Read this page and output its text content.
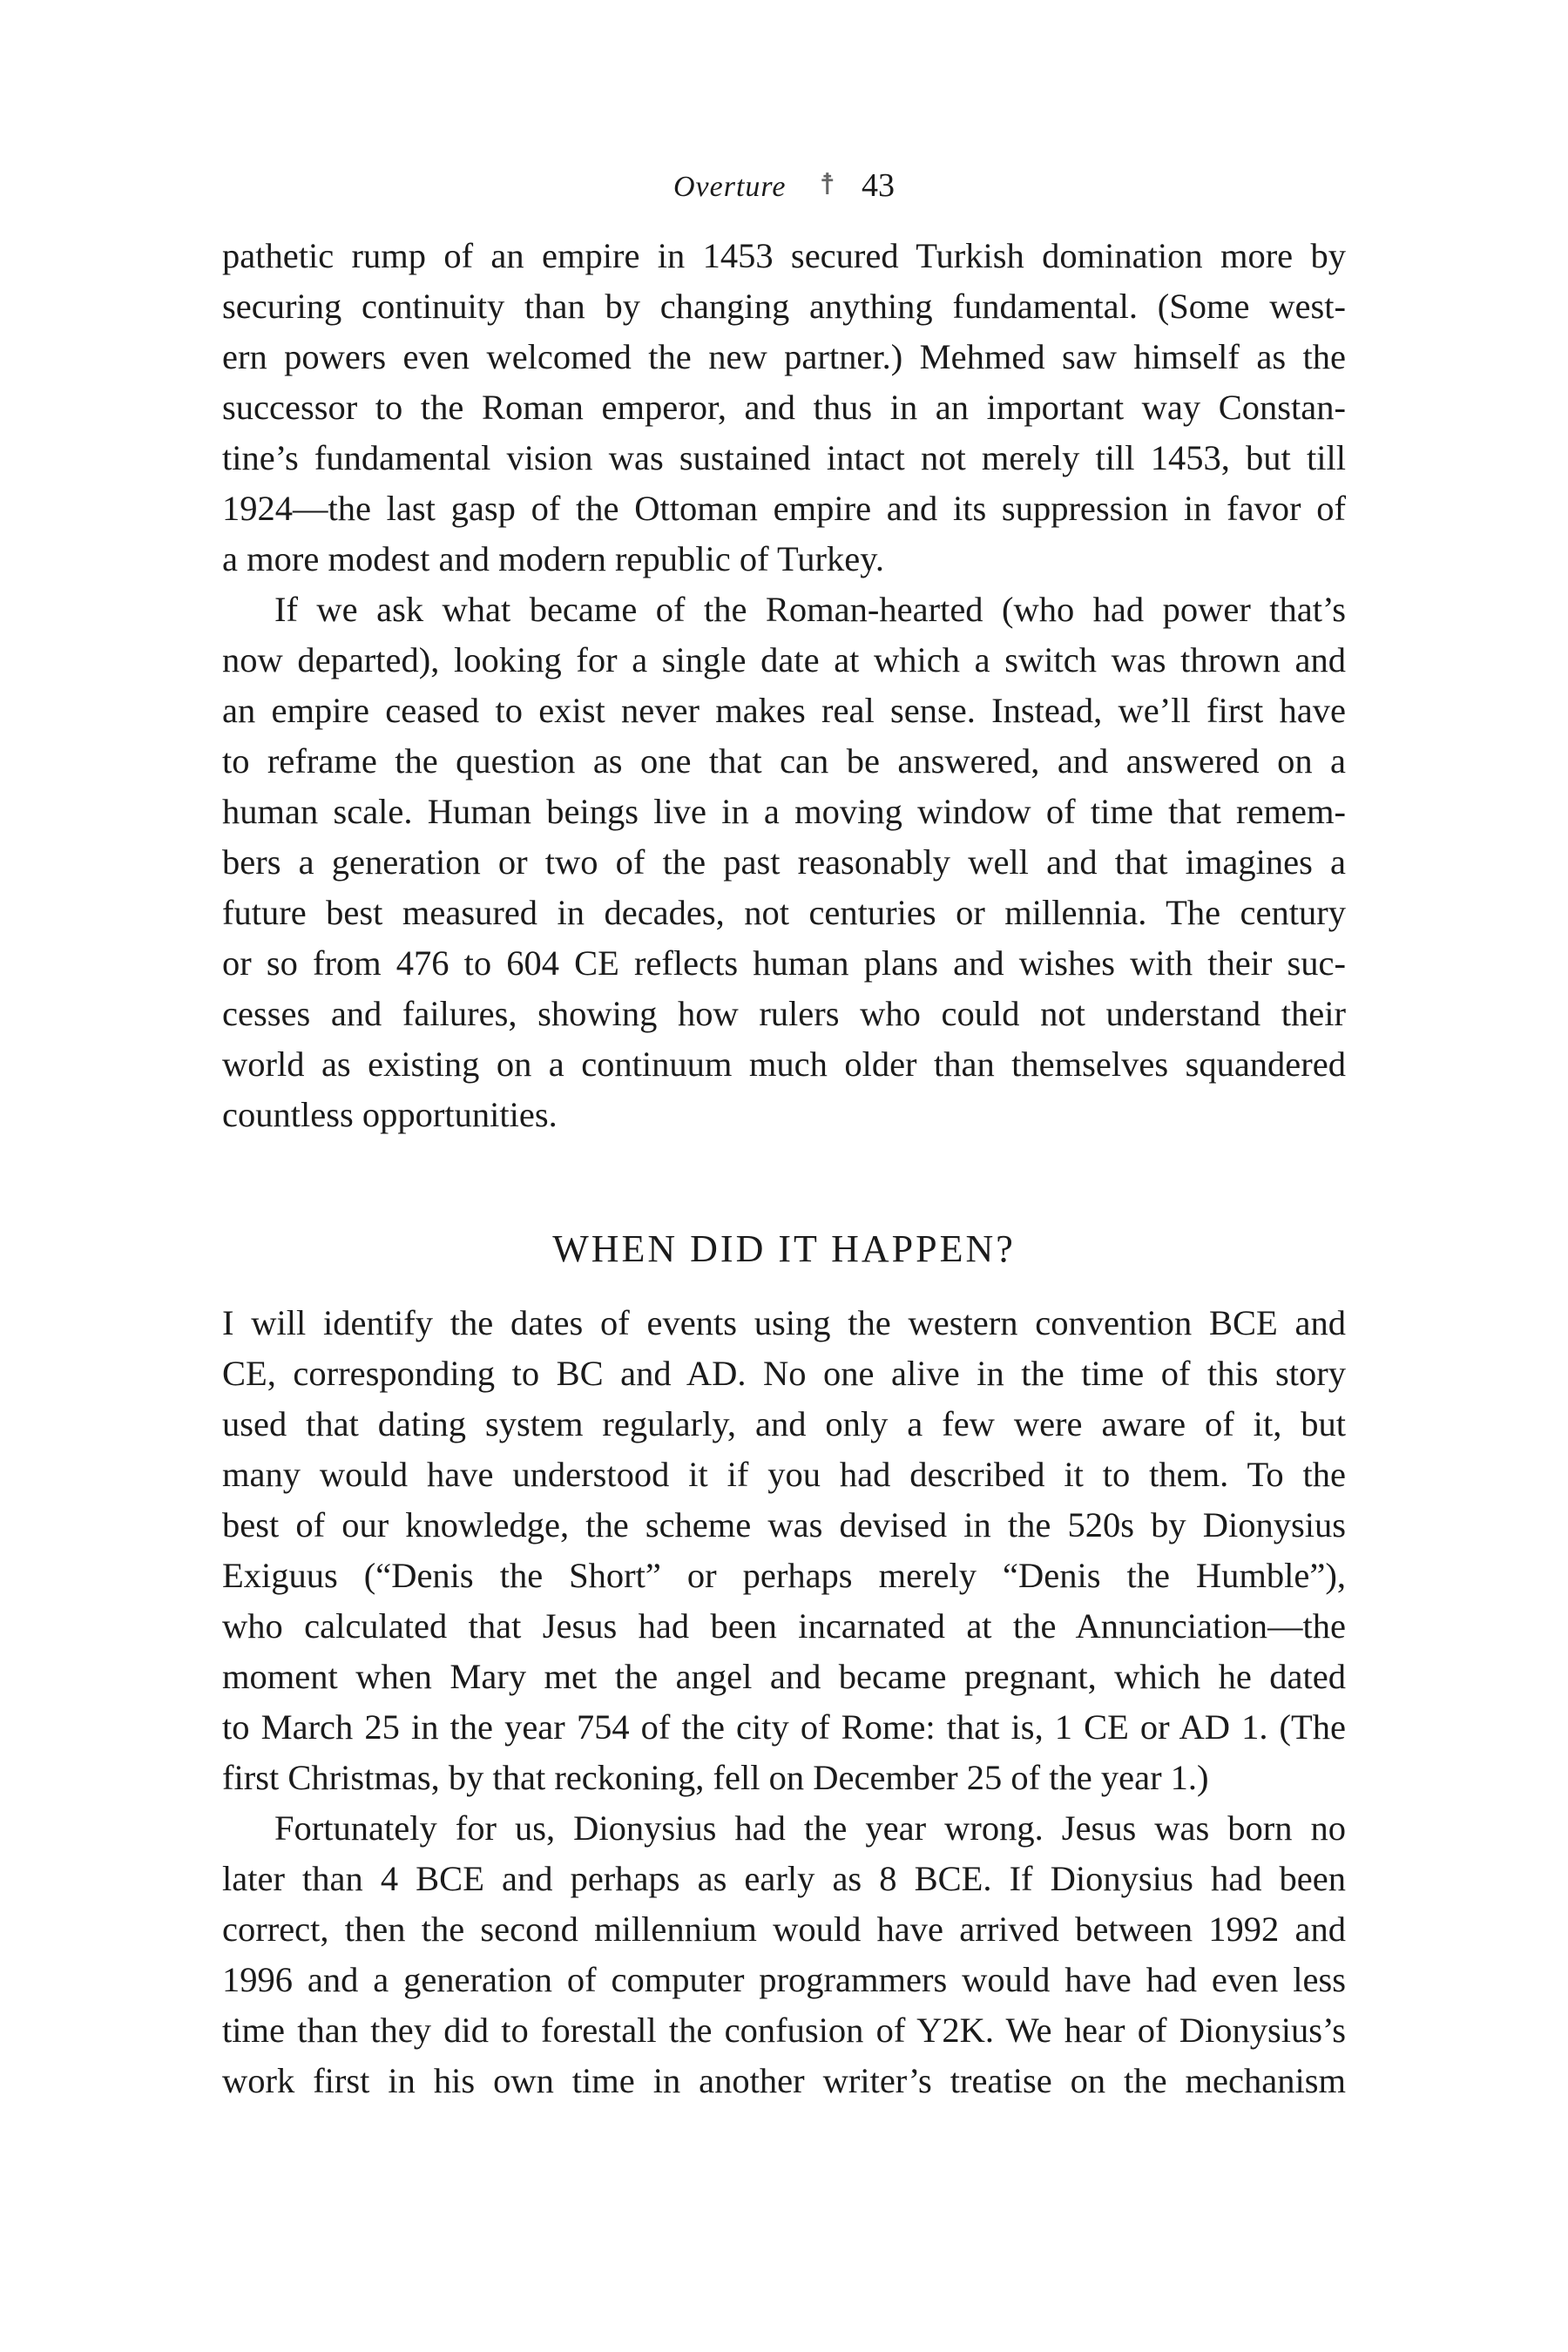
Overture ☨ 43
pathetic rump of an empire in 1453 secured Turkish domination more by
securing continuity than by changing anything fundamental. (Some west-
ern powers even welcomed the new partner.) Mehmed saw himself as the
successor to the Roman emperor, and thus in an important way Constan-
tine’s fundamental vision was sustained intact not merely till 1453, but till
1924—the last gasp of the Ottoman empire and its suppression in favor of
a more modest and modern republic of Turkey.
If we ask what became of the Roman-hearted (who had power that’s
now departed), looking for a single date at which a switch was thrown and
an empire ceased to exist never makes real sense. Instead, we’ll first have
to reframe the question as one that can be answered, and answered on a
human scale. Human beings live in a moving window of time that remem-
bers a generation or two of the past reasonably well and that imagines a
future best measured in decades, not centuries or millennia. The century
or so from 476 to 604 CE reflects human plans and wishes with their suc-
cesses and failures, showing how rulers who could not understand their
world as existing on a continuum much older than themselves squandered
countless opportunities.
WHEN DID IT HAPPEN?
I will identify the dates of events using the western convention BCE and
CE, corresponding to BC and AD. No one alive in the time of this story
used that dating system regularly, and only a few were aware of it, but
many would have understood it if you had described it to them. To the
best of our knowledge, the scheme was devised in the 520s by Dionysius
Exiguus (“Denis the Short” or perhaps merely “Denis the Humble”),
who calculated that Jesus had been incarnated at the Annunciation—the
moment when Mary met the angel and became pregnant, which he dated
to March 25 in the year 754 of the city of Rome: that is, 1 CE or AD 1. (The
first Christmas, by that reckoning, fell on December 25 of the year 1.)
Fortunately for us, Dionysius had the year wrong. Jesus was born no
later than 4 BCE and perhaps as early as 8 BCE. If Dionysius had been
correct, then the second millennium would have arrived between 1992 and
1996 and a generation of computer programmers would have had even less
time than they did to forestall the confusion of Y2K. We hear of Dionysius’s
work first in his own time in another writer’s treatise on the mechanism
